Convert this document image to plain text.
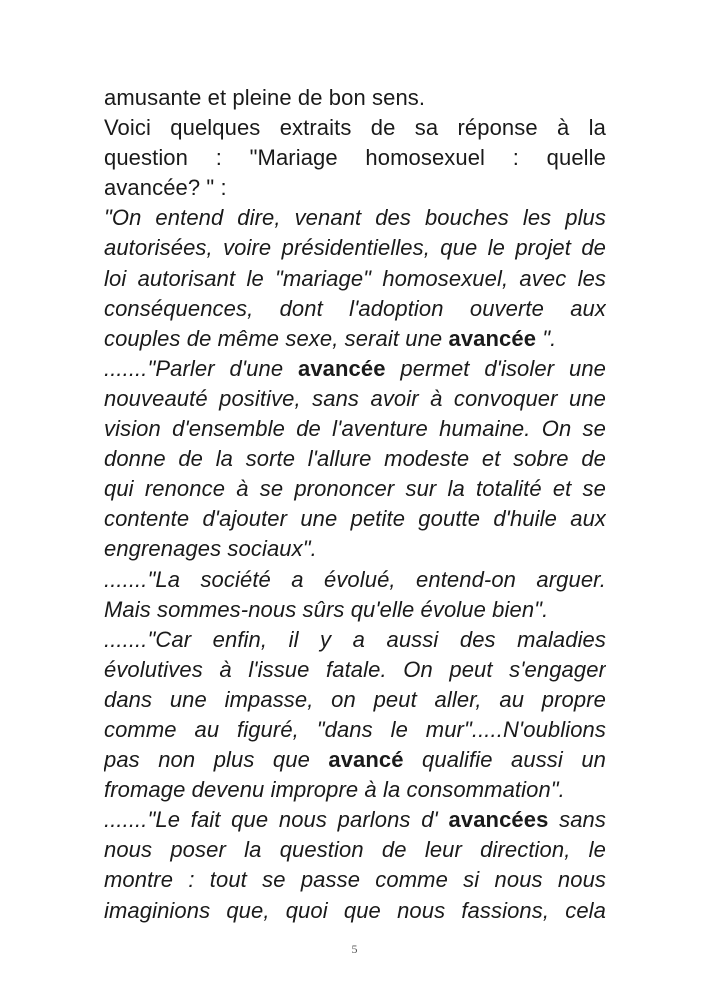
amusante et pleine de bon sens.
Voici quelques extraits de sa réponse à la
question : "Mariage homosexuel : quelle
avancée? " :
"On entend dire, venant des bouches les plus
autorisées, voire présidentielles, que le projet de
loi autorisant le "mariage" homosexuel, avec les
conséquences, dont l'adoption ouverte aux
couples de même sexe, serait une avancée ".
......."Parler d'une avancée permet d'isoler une
nouveauté positive, sans avoir à convoquer une
vision d'ensemble de l'aventure humaine. On se
donne de la sorte l'allure modeste et sobre de
qui renonce à se prononcer sur la totalité et se
contente d'ajouter une petite goutte d'huile aux
engrenages sociaux".
......."La société a évolué, entend-on arguer.
Mais sommes-nous sûrs qu'elle évolue bien".
......."Car enfin, il y a aussi des maladies
évolutives à l'issue fatale. On peut s'engager
dans une impasse, on peut aller, au propre
comme au figuré, "dans le mur".....N'oublions
pas non plus que avancé qualifie aussi un
fromage devenu impropre à la consommation".
......."Le fait que nous parlons d' avancées sans
nous poser la question de leur direction, le
montre : tout se passe comme si nous nous
imaginions que, quoi que nous fassions, cela
5
